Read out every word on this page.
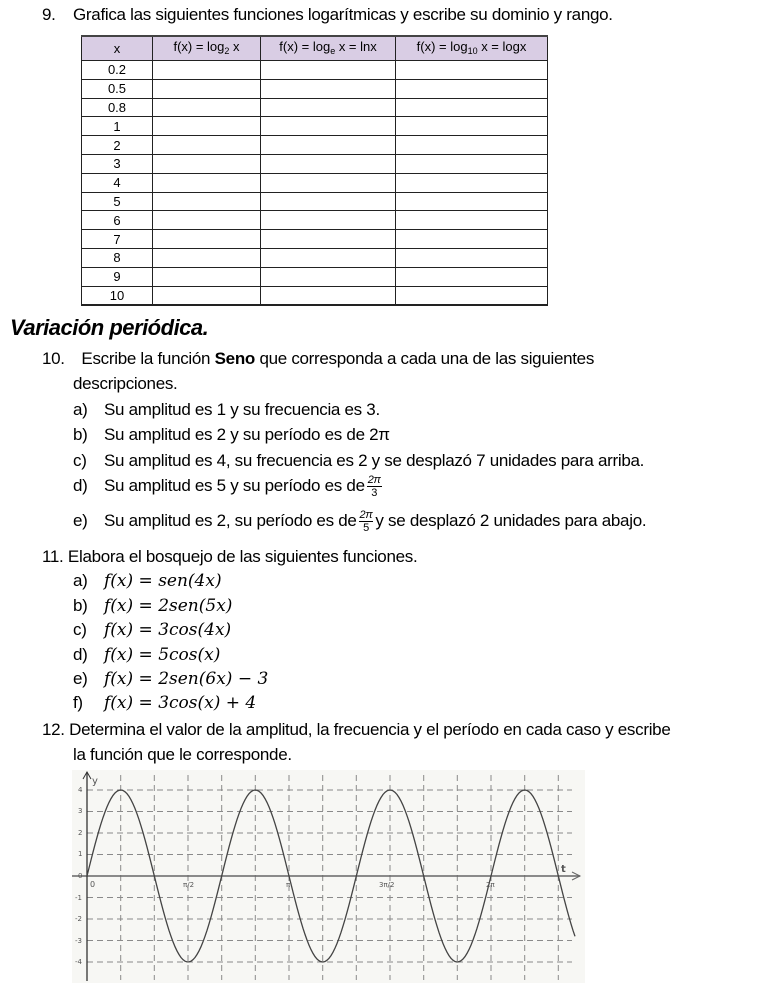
9. Grafica las siguientes funciones logarítmicas y escribe su dominio y rango.
x	$f(x) = \log_2 x$	$f(x) = \log_e x = \ln x$	$f(x) = \log_{10} x = \log x$
0.2			
0.5			
0.8			
1			
2			
3			
4			
5			
6			
7			
8			
9			
10			
Variación periódica.
10. Escribe la función Seno que corresponda a cada una de las siguientes
descripciones.
a) Su amplitud es 1 y su frecuencia es 3.
b) Su amplitud es 2 y su período es de 2π
c) Su amplitud es 4, su frecuencia es 2 y se desplazó 7 unidades para arriba.
d) Su amplitud es 5 y su período es de $\frac{2\pi}{3}$
e) Su amplitud es 2, su período es de $\frac{2\pi}{5}$ y se desplazó 2 unidades para abajo.
11. Elabora el bosquejo de las siguientes funciones.
a) f(x) = sen(4x)
b) f(x) = 2sen(5x)
c) f(x) = 3cos(4x)
d) f(x) = 5cos(x)
e) f(x) = 2sen(6x) − 3
f) f(x) = 3cos(x) + 4
12. Determina el valor de la amplitud, la frecuencia y el período en cada caso y escribe
la función que le corresponde.
y
t
4
3
2
1
0
-1
-2
-3
-4
0	π/2	π	3π/2	2π
